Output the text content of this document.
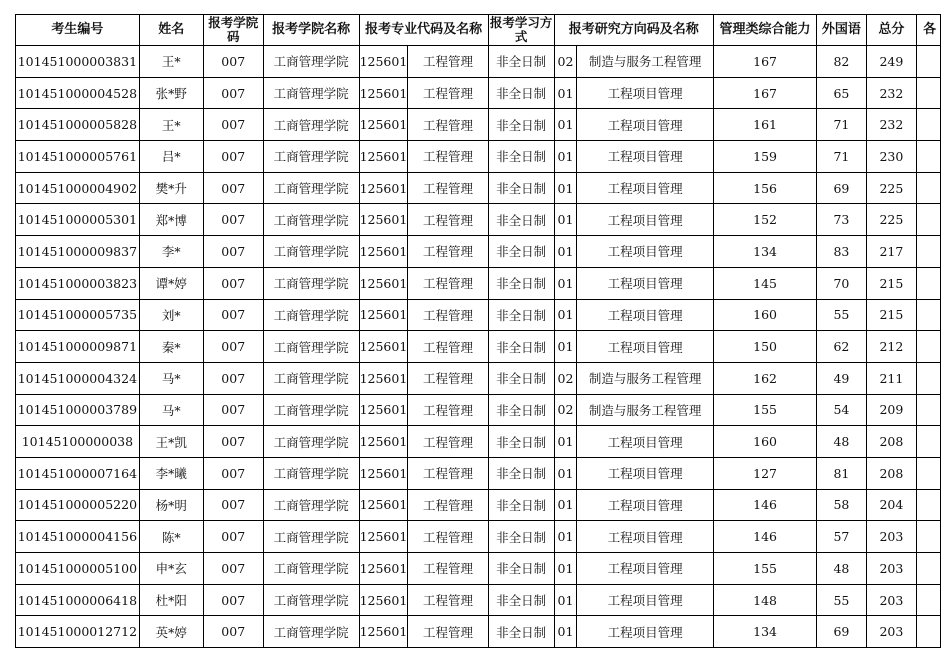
考生编号	姓名	报考学院码	报考学院名称	报考专业代码及名称		报考学习方式	报考研究方向码及名称		管理类综合能力	外国语	总分	各
101451000003831	王*	007	工商管理学院	125601	工程管理	非全日制	02	制造与服务工程管理	167	82	249	
101451000004528	张*野	007	工商管理学院	125601	工程管理	非全日制	01	工程项目管理	167	65	232	
101451000005828	王*	007	工商管理学院	125601	工程管理	非全日制	01	工程项目管理	161	71	232	
101451000005761	吕*	007	工商管理学院	125601	工程管理	非全日制	01	工程项目管理	159	71	230	
101451000004902	樊*升	007	工商管理学院	125601	工程管理	非全日制	01	工程项目管理	156	69	225	
101451000005301	郑*博	007	工商管理学院	125601	工程管理	非全日制	01	工程项目管理	152	73	225	
101451000009837	李*	007	工商管理学院	125601	工程管理	非全日制	01	工程项目管理	134	83	217	
101451000003823	谭*婷	007	工商管理学院	125601	工程管理	非全日制	01	工程项目管理	145	70	215	
101451000005735	刘*	007	工商管理学院	125601	工程管理	非全日制	01	工程项目管理	160	55	215	
101451000009871	秦*	007	工商管理学院	125601	工程管理	非全日制	01	工程项目管理	150	62	212	
101451000004324	马*	007	工商管理学院	125601	工程管理	非全日制	02	制造与服务工程管理	162	49	211	
101451000003789	马*	007	工商管理学院	125601	工程管理	非全日制	02	制造与服务工程管理	155	54	209	
10145100000038	王*凯	007	工商管理学院	125601	工程管理	非全日制	01	工程项目管理	160	48	208	
101451000007164	李*曦	007	工商管理学院	125601	工程管理	非全日制	01	工程项目管理	127	81	208	
101451000005220	杨*明	007	工商管理学院	125601	工程管理	非全日制	01	工程项目管理	146	58	204	
101451000004156	陈*	007	工商管理学院	125601	工程管理	非全日制	01	工程项目管理	146	57	203	
101451000005100	申*玄	007	工商管理学院	125601	工程管理	非全日制	01	工程项目管理	155	48	203	
101451000006418	杜*阳	007	工商管理学院	125601	工程管理	非全日制	01	工程项目管理	148	55	203	
101451000012712	英*婷	007	工商管理学院	125601	工程管理	非全日制	01	工程项目管理	134	69	203	
